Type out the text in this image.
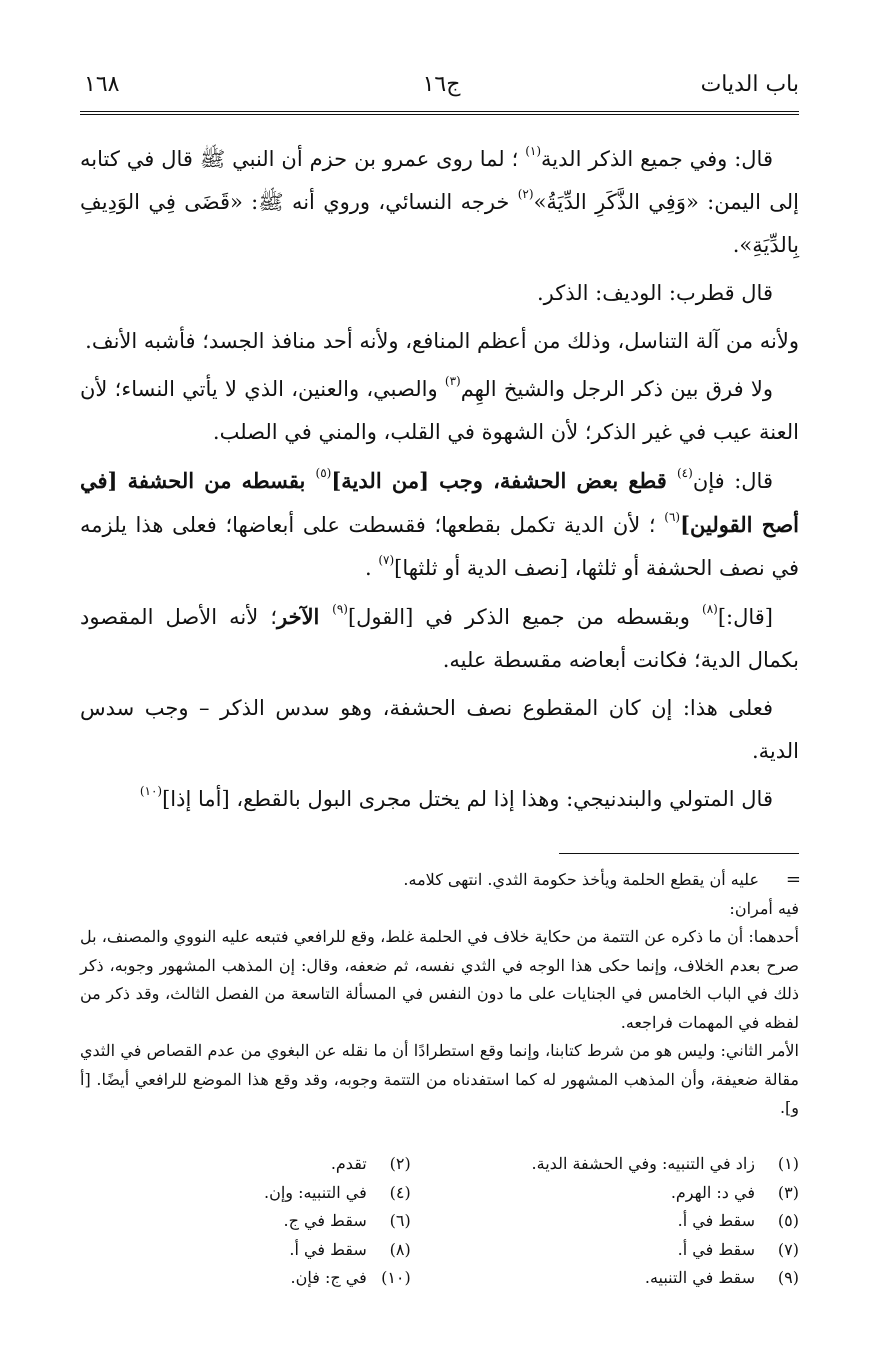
باب الديات
ج١٦
١٦٨

قال: وفي جميع الذكر الدية$^{(١)}$ ؛ لما روى عمرو بن حزم أن النبي ﷺ قال في كتابه إلى اليمن: «وَفِي الذَّكَرِ الدِّيَةُ»$^{(٢)}$ خرجه النسائي، وروي أنه ﷺ: «قَضَى فِي الوَدِيفِ بِالدِّيَةِ».

قال قطرب: الوديف: الذكر.

ولأنه من آلة التناسل، وذلك من أعظم المنافع، ولأنه أحد منافذ الجسد؛ فأشبه الأنف.

ولا فرق بين ذكر الرجل والشيخ الهِم$^{(٣)}$ والصبي، والعنين، الذي لا يأتي النساء؛ لأن العنة عيب في غير الذكر؛ لأن الشهوة في القلب، والمني في الصلب.

قال: فإن$^{(٤)}$ قطع بعض الحشفة، وجب [من الدية]$^{(٥)}$ بقسطه من الحشفة [في أصح القولين]$^{(٦)}$ ؛ لأن الدية تكمل بقطعها؛ فقسطت على أبعاضها؛ فعلى هذا يلزمه في نصف الحشفة أو ثلثها، [نصف الدية أو ثلثها]$^{(٧)}$ .

[قال:]$^{(٨)}$ وبقسطه من جميع الذكر في [القول]$^{(٩)}$ الآخر؛ لأنه الأصل المقصود بكمال الدية؛ فكانت أبعاضه مقسطة عليه.

فعلى هذا: إن كان المقطوع نصف الحشفة، وهو سدس الذكر – وجب سدس الدية.

قال المتولي والبندنيجي: وهذا إذا لم يختل مجرى البول بالقطع، [أما إذا]$^{(١٠)}$

=

عليه أن يقطع الحلمة ويأخذ حكومة الثدي. انتهى كلامه.

فيه أمران:

أحدهما: أن ما ذكره عن التتمة من حكاية خلاف في الحلمة غلط، وقع للرافعي فتبعه عليه النووي والمصنف، بل صرح بعدم الخلاف، وإنما حكى هذا الوجه في الثدي نفسه، ثم ضعفه، وقال: إن المذهب المشهور وجوبه، ذكر ذلك في الباب الخامس في الجنايات على ما دون النفس في المسألة التاسعة من الفصل الثالث، وقد ذكر من لفظه في المهمات فراجعه.

الأمر الثاني: وليس هو من شرط كتابنا، وإنما وقع استطرادًا أن ما نقله عن البغوي من عدم القصاص في الثدي مقالة ضعيفة، وأن المذهب المشهور له كما استفدناه من التتمة وجوبه، وقد وقع هذا الموضع للرافعي أيضًا. [أ و].

(١)
زاد في التنبيه: وفي الحشفة الدية.
(٢)
تقدم.
(٣)
في د: الهرم.
(٤)
في التنبيه: وإن.
(٥)
سقط في أ.
(٦)
سقط في ج.
(٧)
سقط في أ.
(٨)
سقط في أ.
(٩)
سقط في التنبيه.
(١٠)
في ج: فإن.
